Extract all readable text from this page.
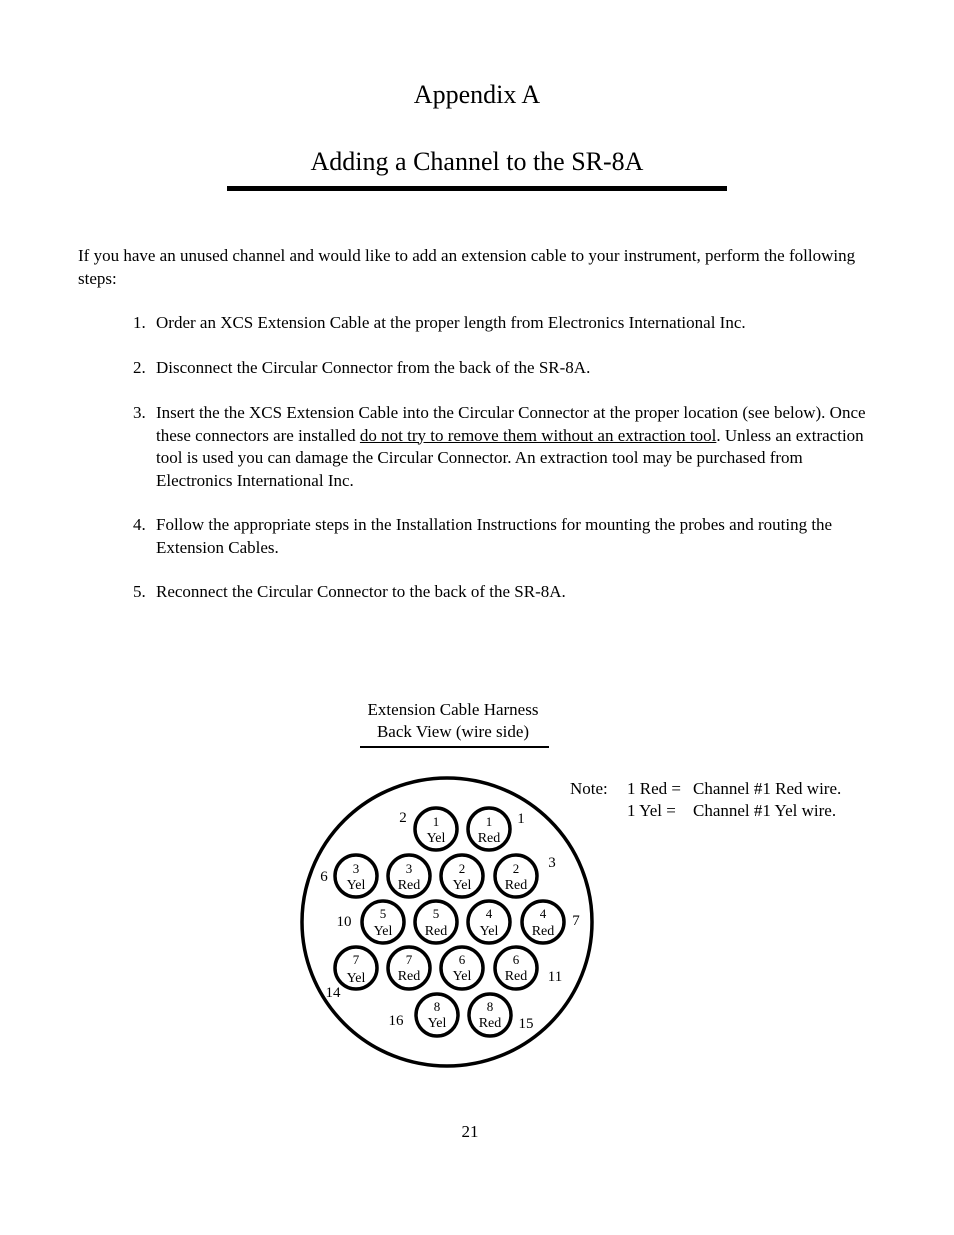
Appendix A
Adding a Channel to the SR-8A
If you have an unused channel and would like to add an extension cable to your instrument, perform the following steps:
1. Order an XCS Extension Cable at the proper length from Electronics International Inc.
2. Disconnect the Circular Connector from the back of the SR-8A.
3. Insert the the XCS Extension Cable into the Circular Connector at the proper location (see below). Once these connectors are installed do not try to remove them without an extraction tool. Unless an extraction tool is used you can damage the Circular Connector. An extraction tool may be purchased from Electronics International Inc.
4. Follow the appropriate steps in the Installation Instructions for mounting the probes and routing the Extension Cables.
5. Reconnect the Circular Connector to the back of the SR-8A.
Extension Cable Harness
Back View (wire side)
Note: 1 Red = Channel #1 Red wire.
1 Yel = Channel #1 Yel wire.
1
Yel
1
Red
3
Yel
3
Red
2
Yel
2
Red
5
Yel
5
Red
4
Yel
4
Red
7
Yel
7
Red
6
Yel
6
Red
8
Yel
8
Red
2	1
3
6
10	7
11
14
16	15
21
